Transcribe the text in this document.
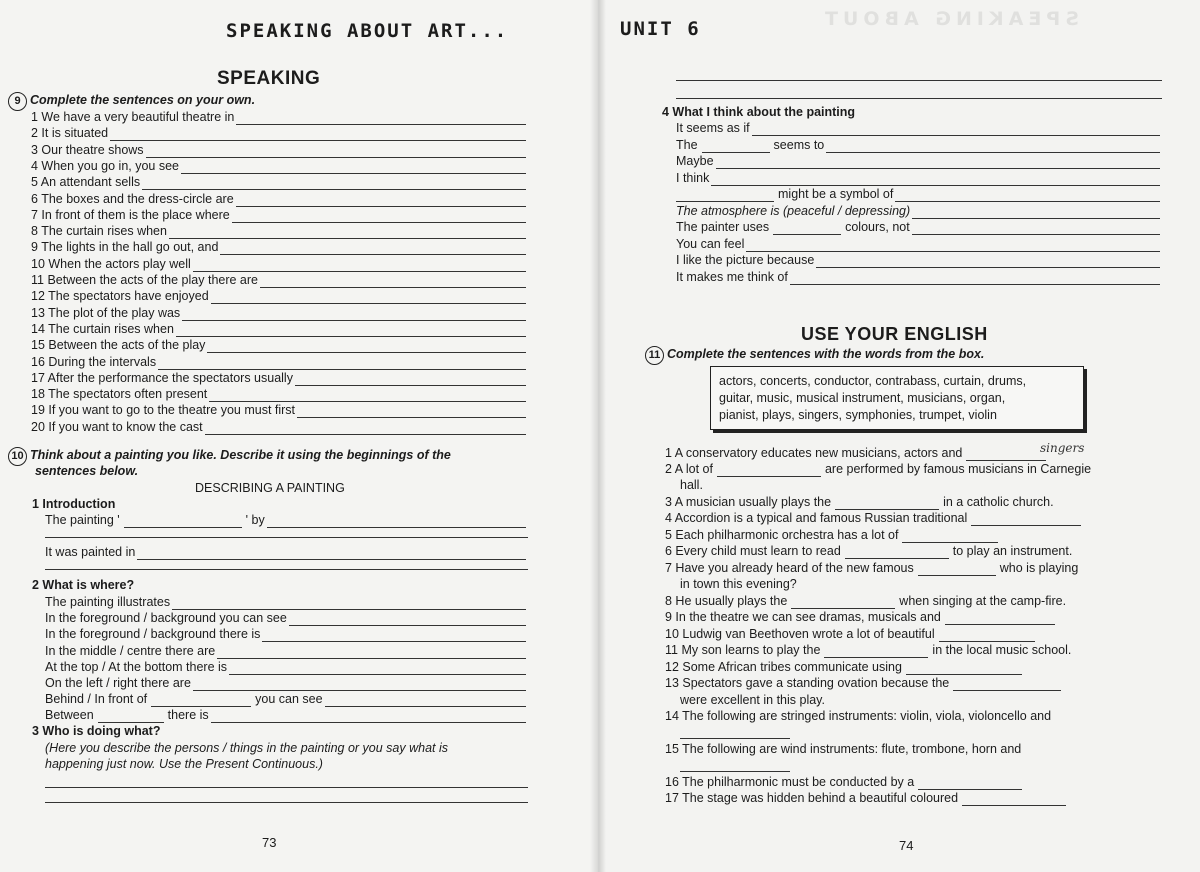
SPEAKING ABOUT
SPEAKING ABOUT ART...
SPEAKING
9 Complete the sentences on your own.
1 We have a very beautiful theatre in
2 It is situated
3 Our theatre shows
4 When you go in, you see
5 An attendant sells
6 The boxes and the dress-circle are
7 In front of them is the place where
8 The curtain rises when
9 The lights in the hall go out, and
10 When the actors play well
11 Between the acts of the play there are
12 The spectators have enjoyed
13 The plot of the play was
14 The curtain rises when
15 Between the acts of the play
16 During the intervals
17 After the performance the spectators usually
18 The spectators often present
19 If you want to go to the theatre you must first
20 If you want to know the cast
10 Think about a painting you like. Describe it using the beginnings of the
sentences below.
DESCRIBING A PAINTING
1 Introduction
The painting '	' by
It was painted in
2 What is where?
The painting illustrates
In the foreground / background you can see
In the foreground / background there is
In the middle / centre there are
At the top / At the bottom there is
On the left / right there are
Behind / In front of	you can see
Between	there is
3 Who is doing what?
(Here you describe the persons / things in the painting or you say what is
happening just now. Use the Present Continuous.)
73
UNIT 6
4 What I think about the painting
It seems as if
The	seems to
Maybe
I think
might be a symbol of
The atmosphere is (peaceful / depressing)
The painter uses	colours, not
You can feel
I like the picture because
It makes me think of
USE YOUR ENGLISH
11 Complete the sentences with the words from the box.
actors, concerts, conductor, contrabass, curtain, drums,
guitar, music, musical instrument, musicians, organ,
pianist, plays, singers, symphonies, trumpet, violin
1 A conservatory educates new musicians, actors and
2 A lot of	are performed by famous musicians in Carnegie
hall.
3 A musician usually plays the	in a catholic church.
4 Accordion is a typical and famous Russian traditional
5 Each philharmonic orchestra has a lot of
6 Every child must learn to read	to play an instrument.
7 Have you already heard of the new famous	who is playing
in town this evening?
8 He usually plays the	when singing at the camp-fire.
9 In the theatre we can see dramas, musicals and
10 Ludwig van Beethoven wrote a lot of beautiful
11 My son learns to play the	in the local music school.
12 Some African tribes communicate using
13 Spectators gave a standing ovation because the
were excellent in this play.
14 The following are stringed instruments: violin, viola, violoncello and
15 The following are wind instruments: flute, trombone, horn and
16 The philharmonic must be conducted by a
17 The stage was hidden behind a beautiful coloured
singers
74
